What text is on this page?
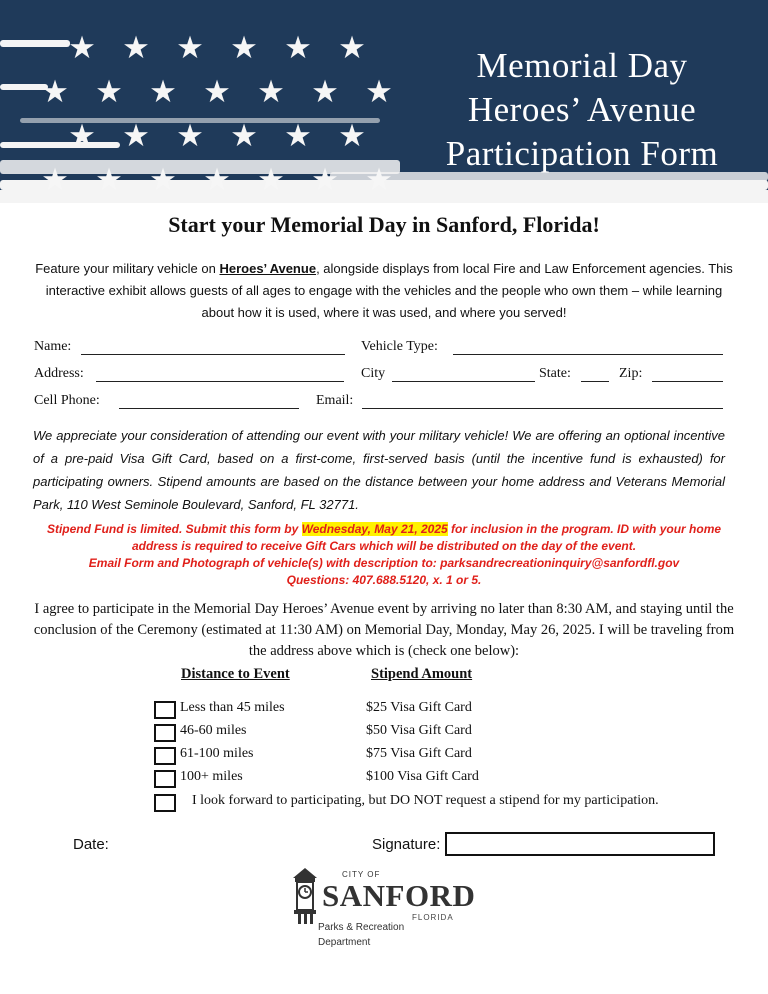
★ ★ ★ ★ ★ ★
★ ★ ★ ★ ★ ★ ★
★ ★ ★ ★ ★ ★
★ ★ ★ ★ ★ ★ ★
Memorial Day
Heroes’ Avenue
Participation Form
Start your Memorial Day in Sanford, Florida!
Feature your military vehicle on Heroes’ Avenue, alongside displays from local Fire and Law Enforcement agencies. This interactive exhibit allows guests of all ages to engage with the vehicles and the people who own them – while learning about how it is used, where it was used, and where you served!
Name:	Vehicle Type:
Address:	City	State:	Zip:
Cell Phone:	Email:
We appreciate your consideration of attending our event with your military vehicle! We are offering an optional incentive of a pre-paid Visa Gift Card, based on a first-come, first-served basis (until the incentive fund is exhausted) for participating owners. Stipend amounts are based on the distance between your home address and Veterans Memorial Park, 110 West Seminole Boulevard, Sanford, FL 32771.
Stipend Fund is limited. Submit this form by Wednesday, May 21, 2025 for inclusion in the program. ID with your home address is required to receive Gift Cars which will be distributed on the day of the event.
Email Form and Photograph of vehicle(s) with description to: parksandrecreationinquiry@sanfordfl.gov
Questions: 407.688.5120, x. 1 or 5.
I agree to participate in the Memorial Day Heroes’ Avenue event by arriving no later than 8:30 AM, and staying until the conclusion of the Ceremony (estimated at 11:30 AM) on Memorial Day, Monday, May 26, 2025. I will be traveling from the address above which is (check one below):
Distance to Event	Stipend Amount
Less than 45 miles	$25 Visa Gift Card
46-60 miles	$50 Visa Gift Card
61-100 miles	$75 Visa Gift Card
100+ miles	$100 Visa Gift Card
I look forward to participating, but DO NOT request a stipend for my participation.
Date:	Signature:
CITY OF
SANFORD
FLORIDA
Parks & Recreation Department
